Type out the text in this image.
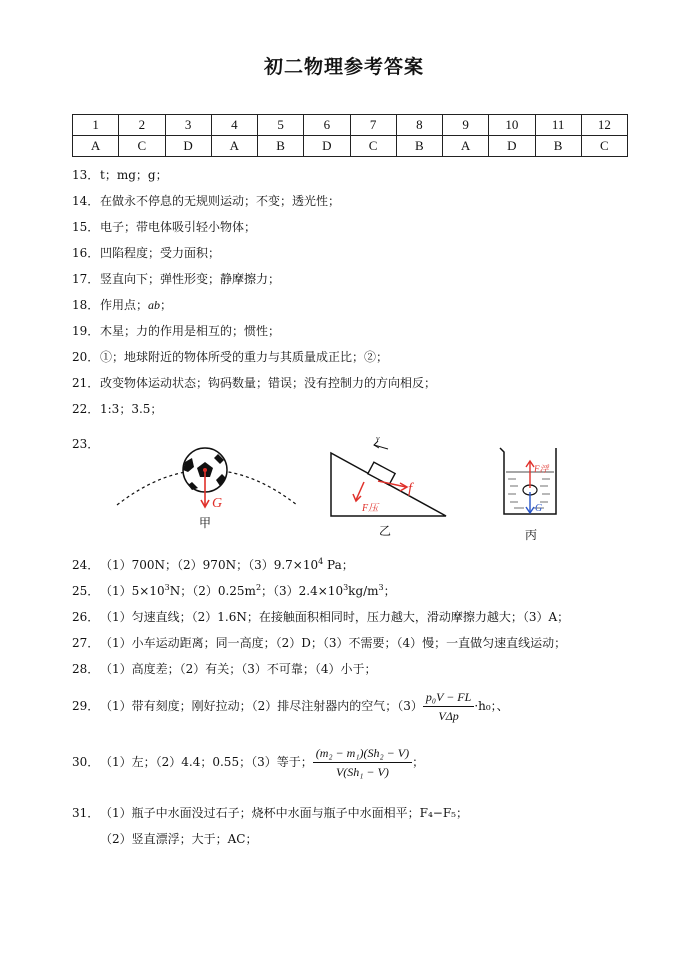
初二物理参考答案
1	2	3	4	5	6	7	8	9	10	11	12
A	C	D	A	B	D	C	B	A	D	B	C
13．t；mg；g；
14．在做永不停息的无规则运动；不变；透光性；
15．电子；带电体吸引轻小物体；
16．凹陷程度；受力面积；
17．竖直向下；弹性形变；静摩擦力；
18．作用点；ab；
19．木星；力的作用是相互的；惯性；
20．①；地球附近的物体所受的重力与其质量成正比；②；
21．改变物体运动状态；钩码数量；错误；没有控制力的方向相反；
22．1:3；3.5；
23．
G
甲
v
f
F压
乙
F浮
G
丙
24．（1）700N；（2）970N；$(3)9.7\times 10^4$ Pa；
25．$(1)5\times 10^3N$；$(2)0.25m^2$；$(3)2.4\times 10^3kg/m^3$；
26．（1）匀速直线；（2）1.6N；在接触面积相同时，压力越大，滑动摩擦力越大；（3）A；
27．（1）小车运动距离；同一高度；（2）D；（3）不需要；（4）慢；一直做匀速直线运动；
28．（1）高度差；（2）有关；（3）不可靠；（4）小于；
29．（1）带有刻度；刚好拉动；（2）排尽注射器内的空气；$(3) \frac{\text{p₀V − FL}}{\text{VΔp}} \cdot h_0$；、
30．（1）左；（2）4.4；0.55；（3）等于； $\frac{\text{(m₂ − m₁)(Sh₂ − V)}}{\text{V(Sh₁ − V)}}$ ；
31．（1）瓶子中水面没过石子；烧杯中水面与瓶子中水面相平；F₄−F₅；
（2）竖直漂浮；大于；AC；
